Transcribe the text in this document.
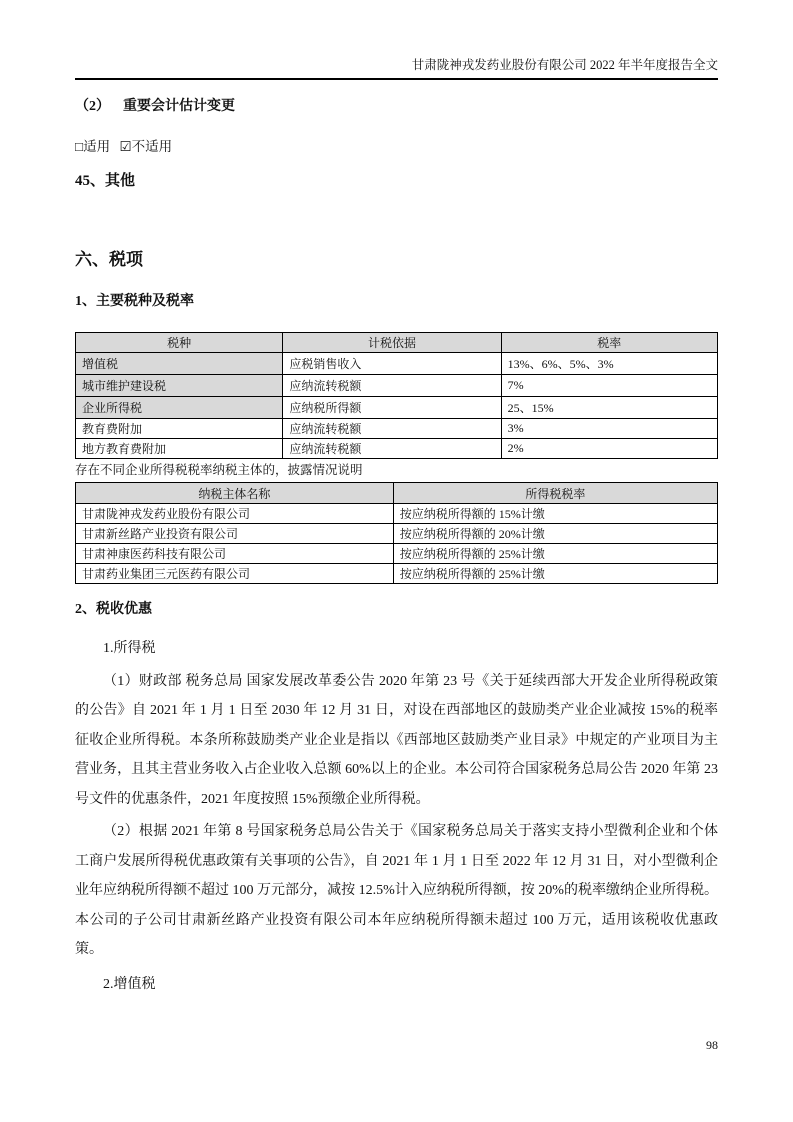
甘肃陇神戎发药业股份有限公司 2022 年半年度报告全文
（2） 重要会计估计变更
□适用 ☑不适用
45、其他
六、税项
1、主要税种及税率
税种	计税依据	税率
增值税	应税销售收入	13%、6%、5%、3%
城市维护建设税	应纳流转税额	7%
企业所得税	应纳税所得额	25、15%
教育费附加	应纳流转税额	3%
地方教育费附加	应纳流转税额	2%
存在不同企业所得税税率纳税主体的，披露情况说明
纳税主体名称	所得税税率
甘肃陇神戎发药业股份有限公司	按应纳税所得额的 15%计缴
甘肃新丝路产业投资有限公司	按应纳税所得额的 20%计缴
甘肃神康医药科技有限公司	按应纳税所得额的 25%计缴
甘肃药业集团三元医药有限公司	按应纳税所得额的 25%计缴
2、税收优惠
1.所得税
（1）财政部 税务总局 国家发展改革委公告 2020 年第 23 号《关于延续西部大开发企业所得税政策的公告》自 2021 年 1 月 1 日至 2030 年 12 月 31 日，对设在西部地区的鼓励类产业企业减按 15%的税率征收企业所得税。本条所称鼓励类产业企业是指以《西部地区鼓励类产业目录》中规定的产业项目为主营业务，且其主营业务收入占企业收入总额 60%以上的企业。本公司符合国家税务总局公告 2020 年第 23 号文件的优惠条件，2021 年度按照 15%预缴企业所得税。
（2）根据 2021 年第 8 号国家税务总局公告关于《国家税务总局关于落实支持小型微利企业和个体工商户发展所得税优惠政策有关事项的公告》，自 2021 年 1 月 1 日至 2022 年 12 月 31 日，对小型微利企业年应纳税所得额不超过 100 万元部分，减按 12.5%计入应纳税所得额，按 20%的税率缴纳企业所得税。本公司的子公司甘肃新丝路产业投资有限公司本年应纳税所得额未超过 100 万元，适用该税收优惠政策。
2.增值税
98
